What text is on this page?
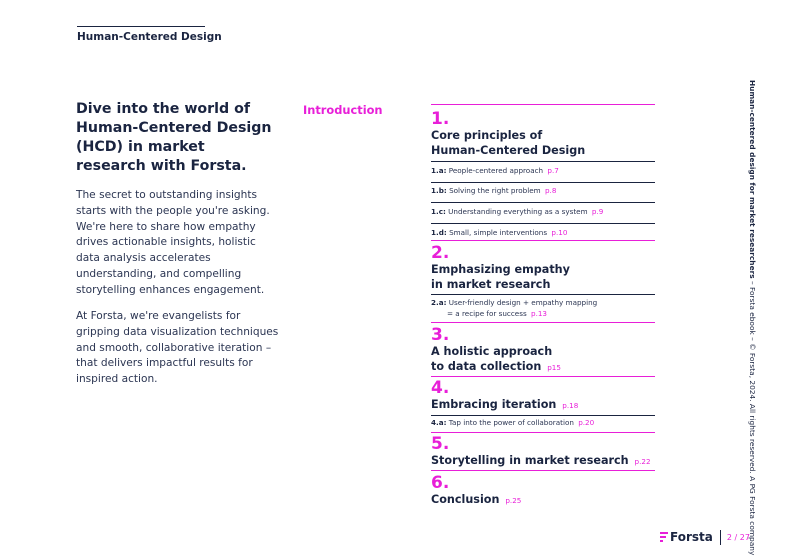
Human-Centered Design
Dive into the world of Human-Centered Design (HCD) in market research with Forsta.

The secret to outstanding insights starts with the people you're asking. We're here to share how empathy drives actionable insights, holistic data analysis accelerates understanding, and compelling storytelling enhances engagement.

At Forsta, we're evangelists for gripping data visualization techniques and smooth, collaborative iteration – that delivers impactful results for inspired action.

Introduction	1.
Core principles of
Human-Centered Design
1.a: People-centered approach p.7
1.b: Solving the right problem p.8
1.c: Understanding everything as a system p.9
1.d: Small, simple interventions p.10
2.
Emphasizing empathy
in market research
2.a: User-friendly design + empathy mapping
= a recipe for success p.13
3.
A holistic approach
to data collection p15
4.
Embracing iteration p.18
4.a: Tap into the power of collaboration p.20
5.
Storytelling in market research p.22
6.
Conclusion p.25
Human-centered design for market researchers – Forsta ebook – © Forsta, 2024. All rights reserved. A PG Forsta company
Forsta 2 / 27
